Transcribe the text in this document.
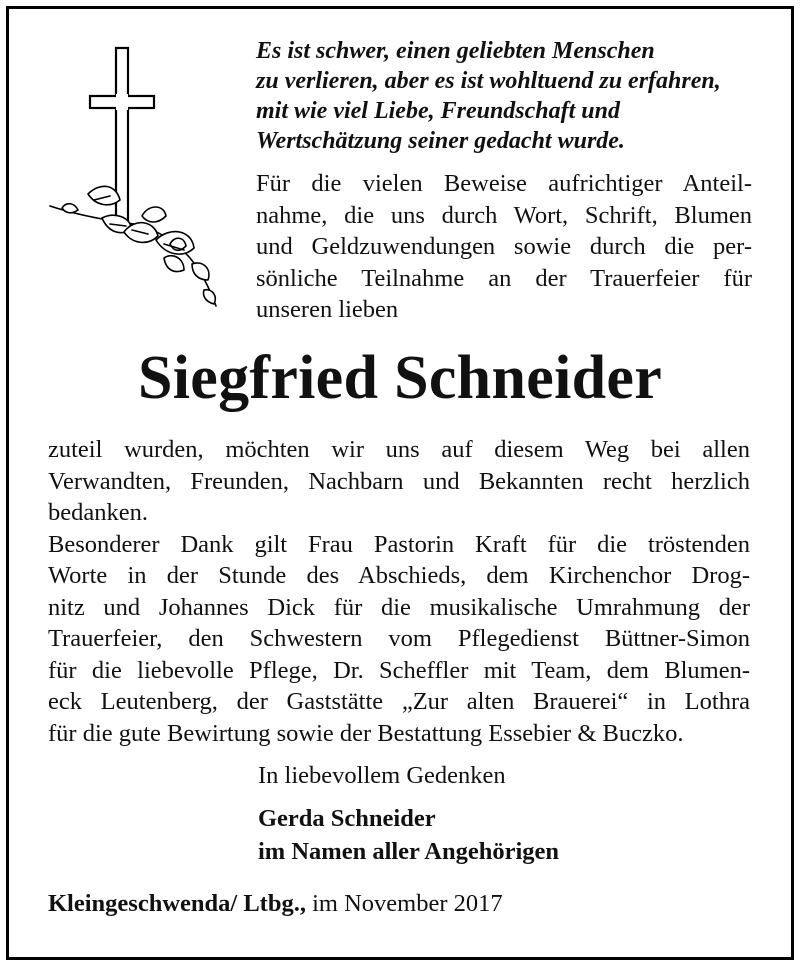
Es ist schwer, einen geliebten Menschen
zu verlieren, aber es ist wohltuend zu erfahren,
mit wie viel Liebe, Freundschaft und
Wertschätzung seiner gedacht wurde.
Für die vielen Beweise aufrichtiger Anteil-
nahme, die uns durch Wort, Schrift, Blumen
und Geldzuwendungen sowie durch die per-
sönliche Teilnahme an der Trauerfeier für
unseren lieben
Siegfried Schneider
zuteil wurden, möchten wir uns auf diesem Weg bei allen
Verwandten, Freunden, Nachbarn und Bekannten recht herzlich
bedanken.
Besonderer Dank gilt Frau Pastorin Kraft für die tröstenden
Worte in der Stunde des Abschieds, dem Kirchenchor Drog-
nitz und Johannes Dick für die musikalische Umrahmung der
Trauerfeier, den Schwestern vom Pflegedienst Büttner-Simon
für die liebevolle Pflege, Dr. Scheffler mit Team, dem Blumen-
eck Leutenberg, der Gaststätte „Zur alten Brauerei“ in Lothra
für die gute Bewirtung sowie der Bestattung Essebier & Buczko.
In liebevollem Gedenken
Gerda Schneider
im Namen aller Angehörigen
Kleingeschwenda/ Ltbg., im November 2017
